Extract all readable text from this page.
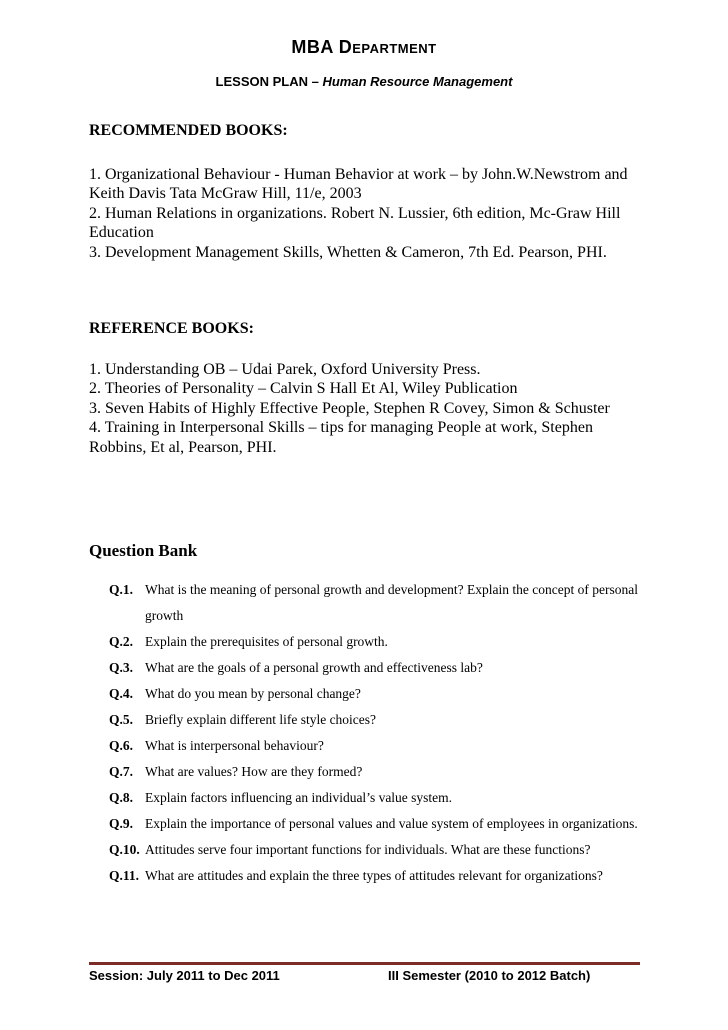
MBA Department
LESSON PLAN – Human Resource Management
RECOMMENDED BOOKS:
1. Organizational Behaviour - Human Behavior at work – by John.W.Newstrom and Keith Davis Tata McGraw Hill, 11/e, 2003
2. Human Relations in organizations. Robert N. Lussier, 6th edition, Mc-Graw Hill Education
3. Development Management Skills, Whetten & Cameron, 7th Ed. Pearson, PHI.
REFERENCE BOOKS:
1. Understanding OB – Udai Parek, Oxford University Press.
2. Theories of Personality – Calvin S Hall Et Al, Wiley Publication
3. Seven Habits of Highly Effective People, Stephen R Covey, Simon & Schuster
4. Training in Interpersonal Skills – tips for managing People at work, Stephen Robbins, Et al, Pearson, PHI.
Question Bank
Q.1. What is the meaning of personal growth and development? Explain the concept of personal growth
Q.2. Explain the prerequisites of personal growth.
Q.3. What are the goals of a personal growth and effectiveness lab?
Q.4. What do you mean by personal change?
Q.5. Briefly explain different life style choices?
Q.6. What is interpersonal behaviour?
Q.7. What are values? How are they formed?
Q.8. Explain factors influencing an individual’s value system.
Q.9. Explain the importance of personal values and value system of employees in organizations.
Q.10. Attitudes serve four important functions for individuals. What are these functions?
Q.11. What are attitudes and explain the three types of attitudes relevant for organizations?
Session: July 2011 to Dec 2011	III Semester (2010 to 2012 Batch)
